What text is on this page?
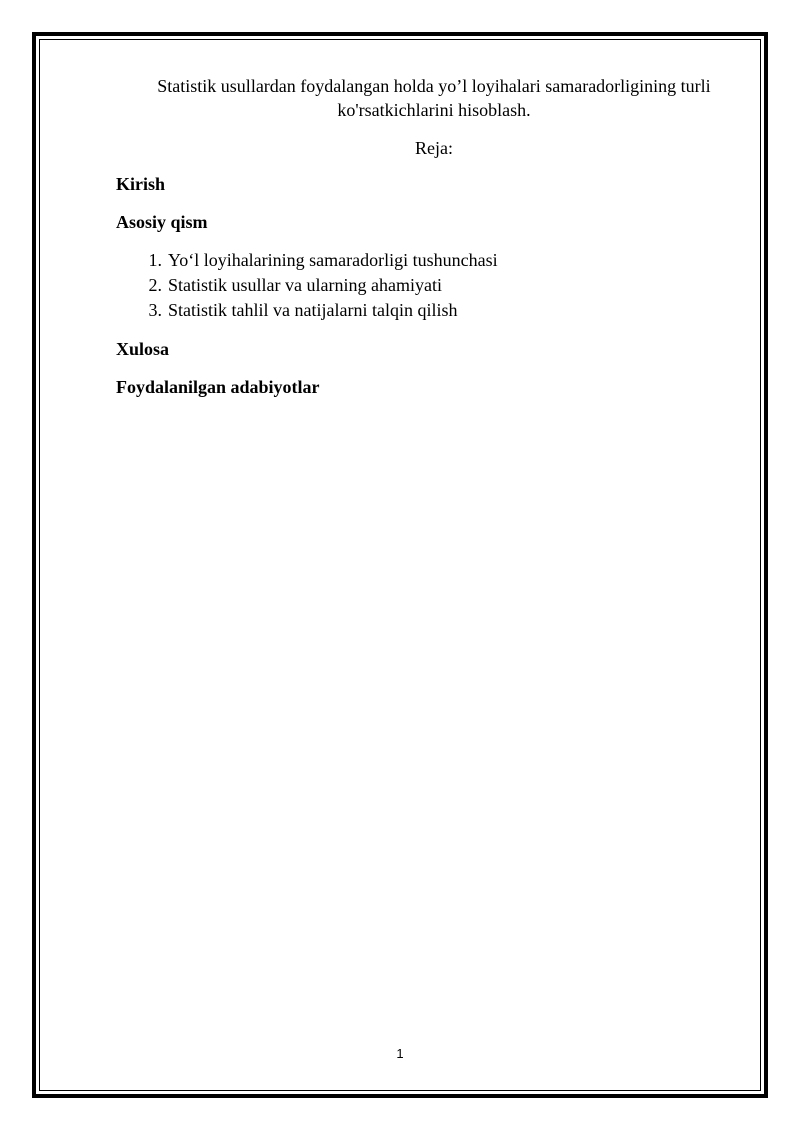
Statistik usullardan foydalangan holda yo’l loyihalari samaradorligining turli ko'rsatkichlarini hisoblash.
Reja:

Kirish

Asosiy qism

1. Yo‘l loyihalarining samaradorligi tushunchasi
2. Statistik usullar va ularning ahamiyati
3. Statistik tahlil va natijalarni talqin qilish

Xulosa

Foydalanilgan adabiyotlar

1
